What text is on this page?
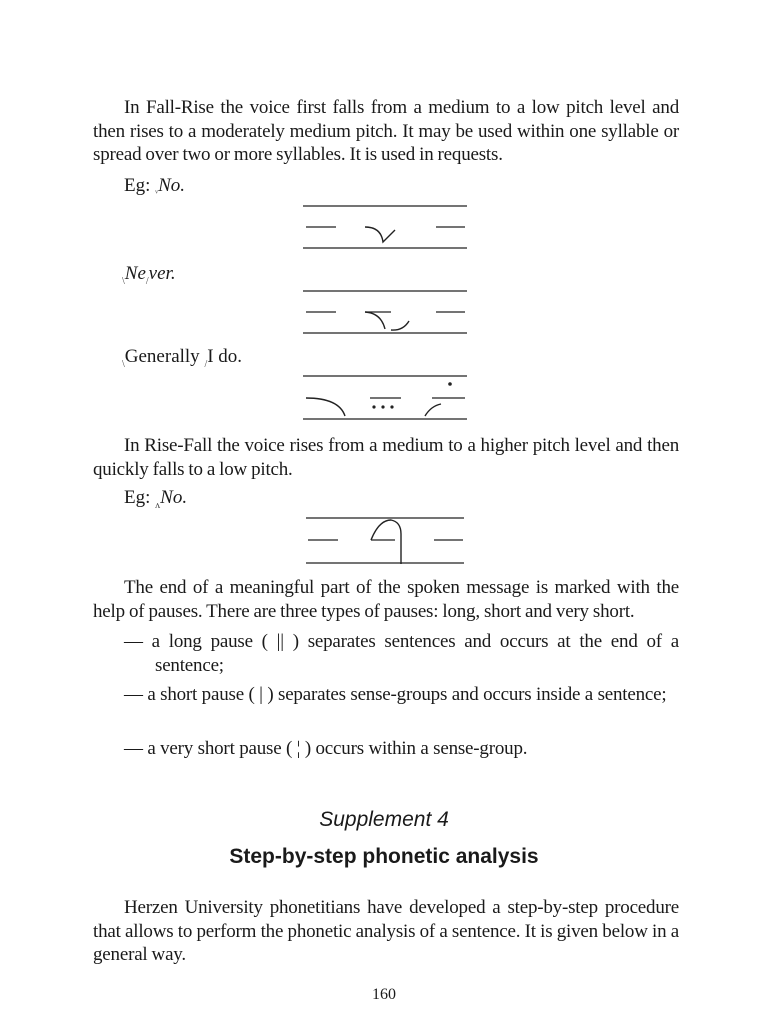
In Fall-Rise the voice first falls from a medium to a low pitch level and then rises to a moderately medium pitch. It may be used within one syllable or spread over two or more syllables. It is used in requests.

Eg: $_ᵛ$No.
$_\backslash Ne_/ver$.
$_\backslash$Generally $_/$I do.

In Rise-Fall the voice rises from a medium to a higher pitch level and then quickly falls to a low pitch.

Eg: $_ʌ$No.

The end of a meaningful part of the spoken message is marked with the help of pauses. There are three types of pauses: long, short and very short.

— a long pause ( || ) separates sentences and occurs at the end of a sentence;
— a short pause ( | ) separates sense-groups and occurs inside a sentence;
— a very short pause ( ¦ ) occurs within a sense-group.
Supplement 4
Step-by-step phonetic analysis

Herzen University phonetitians have developed a step-by-step procedure that allows to perform the phonetic analysis of a sentence. It is given below in a general way.

160
